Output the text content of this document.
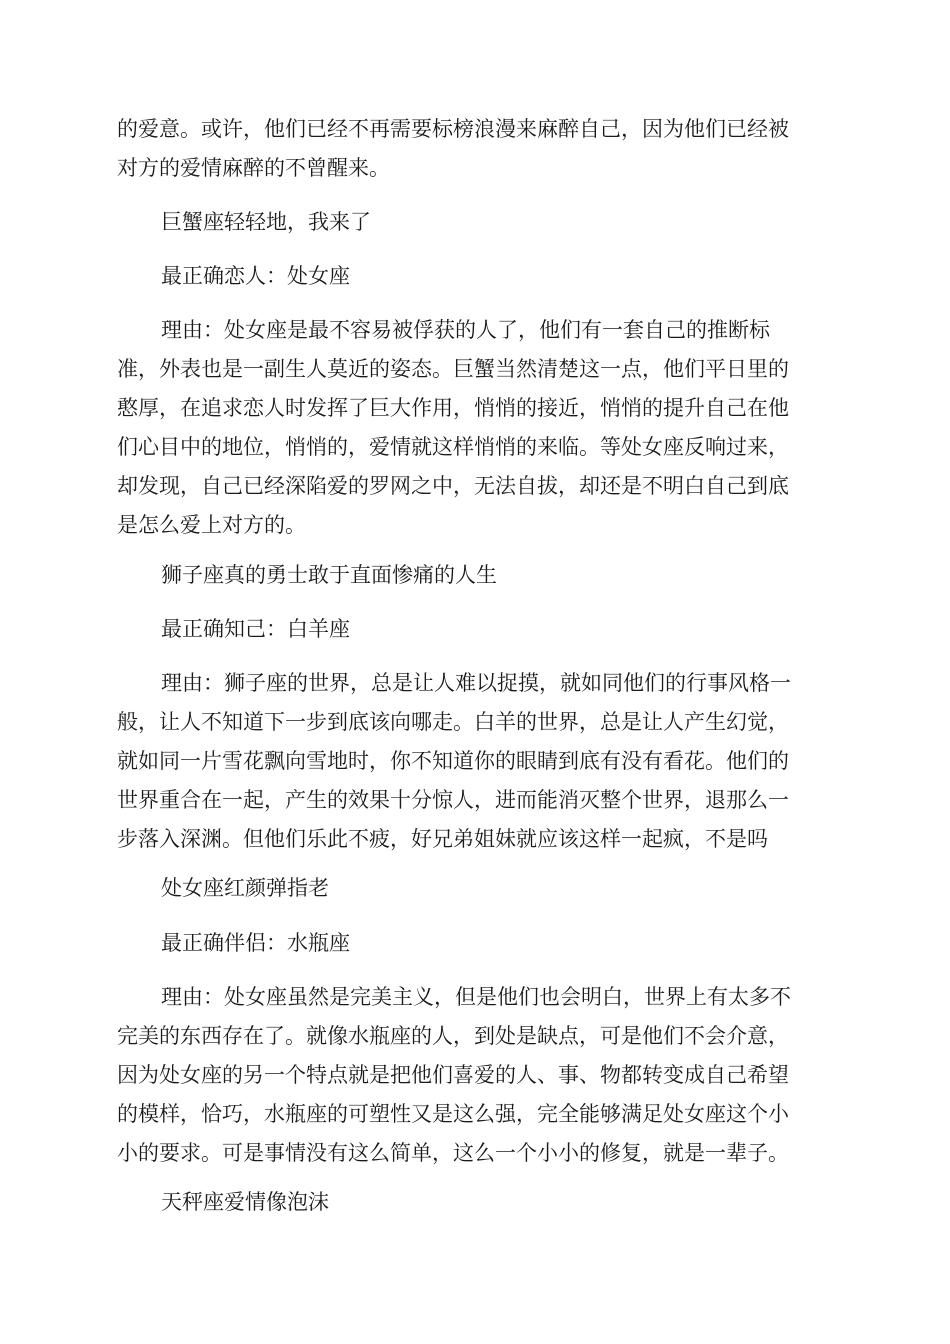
的爱意。或许，他们已经不再需要标榜浪漫来麻醉自己，因为他们已经被
对方的爱情麻醉的不曾醒来。

巨蟹座轻轻地，我来了

最正确恋人：处女座

理由：处女座是最不容易被俘获的人了，他们有一套自己的推断标
准，外表也是一副生人莫近的姿态。巨蟹当然清楚这一点，他们平日里的
憨厚，在追求恋人时发挥了巨大作用，悄悄的接近，悄悄的提升自己在他
们心目中的地位，悄悄的，爱情就这样悄悄的来临。等处女座反响过来，
却发现，自己已经深陷爱的罗网之中，无法自拔，却还是不明白自己到底
是怎么爱上对方的。

狮子座真的勇士敢于直面惨痛的人生

最正确知己：白羊座

理由：狮子座的世界，总是让人难以捉摸，就如同他们的行事风格一
般，让人不知道下一步到底该向哪走。白羊的世界，总是让人产生幻觉，
就如同一片雪花飘向雪地时，你不知道你的眼睛到底有没有看花。他们的
世界重合在一起，产生的效果十分惊人，进而能消灭整个世界，退那么一
步落入深渊。但他们乐此不疲，好兄弟姐妹就应该这样一起疯，不是吗

处女座红颜弹指老

最正确伴侣：水瓶座

理由：处女座虽然是完美主义，但是他们也会明白，世界上有太多不
完美的东西存在了。就像水瓶座的人，到处是缺点，可是他们不会介意，
因为处女座的另一个特点就是把他们喜爱的人、事、物都转变成自己希望
的模样，恰巧，水瓶座的可塑性又是这么强，完全能够满足处女座这个小
小的要求。可是事情没有这么简单，这么一个小小的修复，就是一辈子。

天秤座爱情像泡沫
